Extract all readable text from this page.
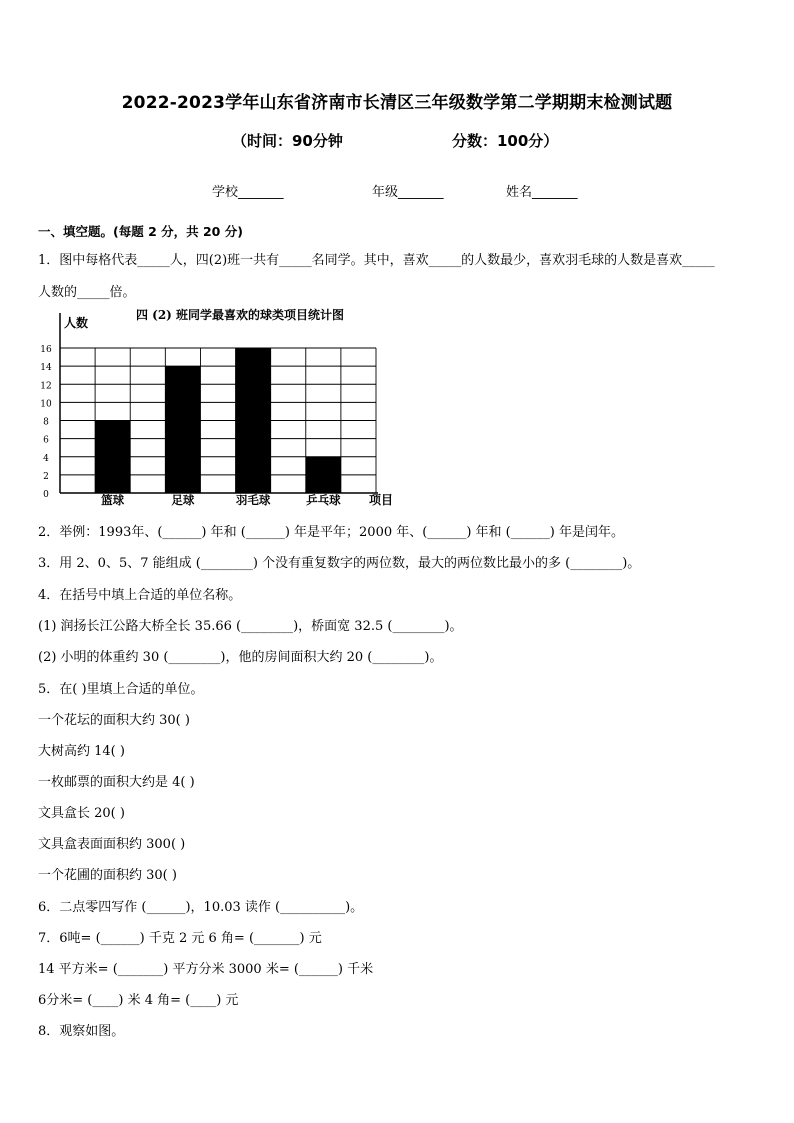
2022-2023学年山东省济南市长清区三年级数学第二学期期末检测试题
（时间：90分钟	分数：100分）
学校_______	年级_______	姓名_______
一、填空题。(每题 2 分，共 20 分)
1．图中每格代表_____人，四(2)班一共有_____名同学。其中，喜欢_____的人数最少，喜欢羽毛球的人数是喜欢_____
人数的_____倍。
四 (2) 班同学最喜欢的球类项目统计图
人数
项目
0
2
4
6
8
10
12
14
16
篮球	足球	羽毛球	乒乓球
2．举例：1993年、(______) 年和 (______) 年是平年；2000 年、(______) 年和 (______) 年是闰年。
3．用 2、0、5、7 能组成 (________) 个没有重复数字的两位数，最大的两位数比最小的多 (________)。
4．在括号中填上合适的单位名称。
(1) 润扬长江公路大桥全长 35.66 (________)，桥面宽 32.5 (________)。
(2) 小明的体重约 30 (________)，他的房间面积大约 20 (________)。
5．在( )里填上合适的单位。
一个花坛的面积大约 30( )
大树高约 14( )
一枚邮票的面积大约是 4( )
文具盒长 20( )
文具盒表面面积约 300( )
一个花圃的面积约 30( )
6．二点零四写作 (______)，10.03 读作 (__________)。
7．6吨= (______) 千克 2 元 6 角= (_______) 元
14 平方米= (_______) 平方分米 3000 米= (______) 千米
6分米= (____) 米 4 角= (____) 元
8．观察如图。
